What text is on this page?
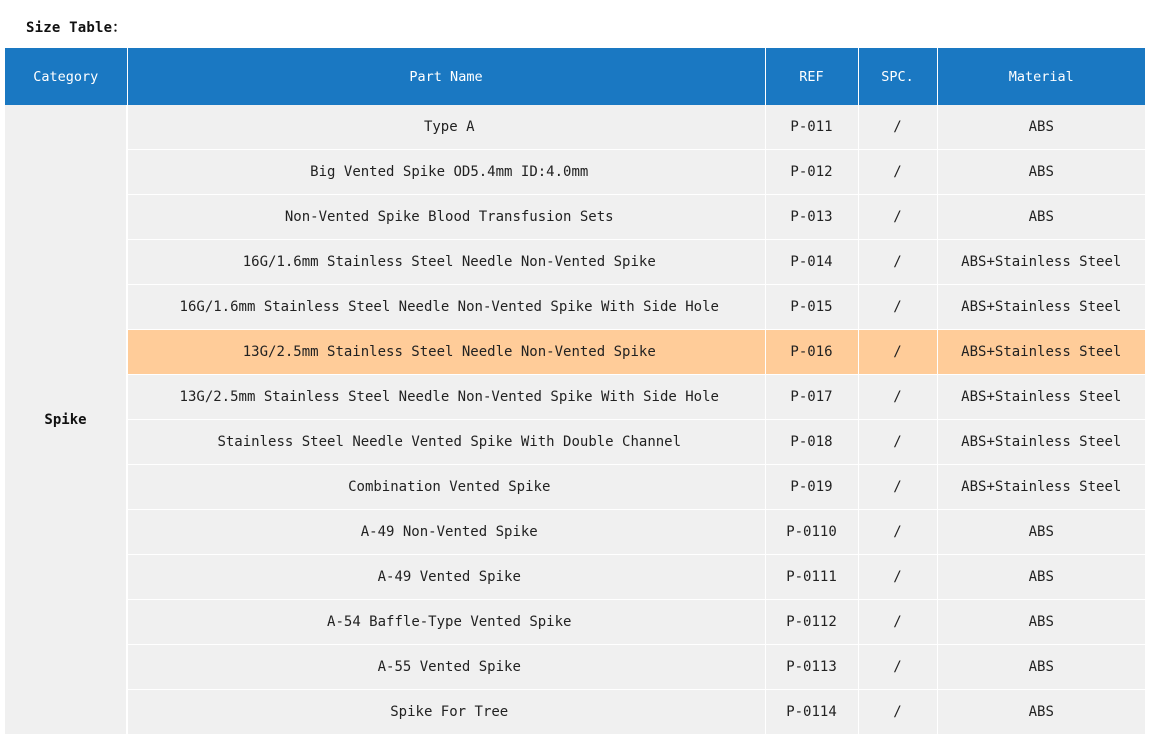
Size Table：
Category	Part Name	REF	SPC.	Material
Spike	Type A	P-011	/	ABS
	Big Vented Spike OD5.4mm ID:4.0mm	P-012	/	ABS
	Non-Vented Spike Blood Transfusion Sets	P-013	/	ABS
	16G/1.6mm Stainless Steel Needle Non-Vented Spike	P-014	/	ABS+Stainless Steel
	16G/1.6mm Stainless Steel Needle Non-Vented Spike With Side Hole	P-015	/	ABS+Stainless Steel
	13G/2.5mm Stainless Steel Needle Non-Vented Spike	P-016	/	ABS+Stainless Steel
	13G/2.5mm Stainless Steel Needle Non-Vented Spike With Side Hole	P-017	/	ABS+Stainless Steel
	Stainless Steel Needle Vented Spike With Double Channel	P-018	/	ABS+Stainless Steel
	Combination Vented Spike	P-019	/	ABS+Stainless Steel
	A-49 Non-Vented Spike	P-0110	/	ABS
	A-49 Vented Spike	P-0111	/	ABS
	A-54 Baffle-Type Vented Spike	P-0112	/	ABS
	A-55 Vented Spike	P-0113	/	ABS
	Spike For Tree	P-0114	/	ABS
